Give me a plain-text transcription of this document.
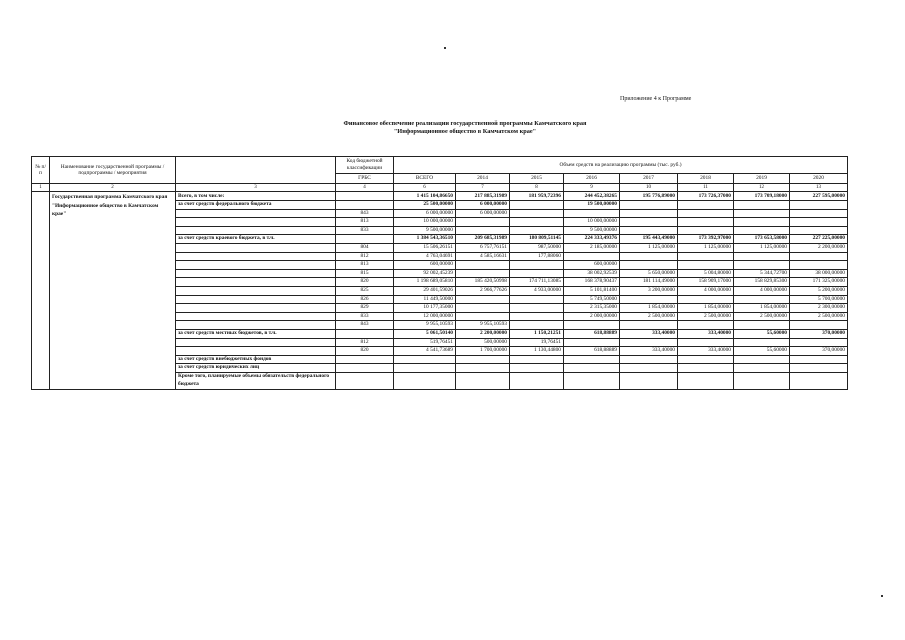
Приложение 4 к Программе
Финансовое обеспечение реализации государственной программы Камчатского края
"Информационное общество в Камчатском крае"
№ п/п	Наименование государственной программы / подпрограммы / мероприятия		Код бюджетной классификации	Объем средств на реализацию программы (тыс. руб.)							
			ГРБС	ВСЕГО	2014	2015	2016	2017	2018	2019	2020
1	2	3	4	6	7	8	9	10	11	12	13
	Государственная программа Камчатского края "Информационное общество в Камчатском крае"	Всего, в том числе:		1 415 104,86650	217 885,31989	181 959,72396	244 452,38265	195 776,89000	173 726,37000	173 709,18000	227 595,00000
		за счет средств федерального бюджета		25 500,00000	6 000,00000		19 500,00000				
			843	6 000,00000	6 000,00000						
			813	10 000,00000			10 000,00000				
			833	9 500,00000			9 500,00000				
		за счет средств краевого бюджета, в т.ч.		1 384 543,36510	209 685,31989	180 809,51145	224 333,49376	195 443,49000	173 392,97000	173 653,58000	227 225,00000
			804	15 506,26151	6 757,76151	987,50000	2 185,00000	1 125,00000	1 125,00000	1 125,00000	2 200,00000
			812	4 763,04691	4 585,16631	177,88060					
			813	600,00000			600,00000				
			815	92 002,45239			38 002,92539	5 650,00000	5 004,80000	5 344,72700	38 000,00000
			820	1 198 689,05810	185 420,50998	174 711,13085	168 378,90437	181 114,49000	158 909,17000	158 829,85300	171 325,00000
			825	29 401,59026	2 966,77626	4 933,00000	5 101,81400	3 200,00000	4 000,00000	4 000,00000	5 200,00000
			826	11 449,50000			5 749,50000				5 700,00000
			829	10 177,35000			2 315,35000	1 854,00000	1 854,00000	1 854,00000	2 300,00000
			833	12 000,00000			2 000,00000	2 500,00000	2 500,00000	2 500,00000	2 500,00000
			843	9 955,10593	9 955,10593						
		за счет средств местных бюджетов, в т.ч.		5 061,50140	2 200,00000	1 150,21251	618,88889	333,40000	333,40000	55,60000	370,00000
			812	519,76451	500,00000	19,76451					
			820	4 541,73689	1 700,00000	1 130,44800	618,88889	333,40000	333,40000	55,60000	370,00000
		за счет средств внебюджетных фондов									
		за счет средств юридических лиц									
		Кроме того, планируемые объемы обязательств федерального бюджета									
